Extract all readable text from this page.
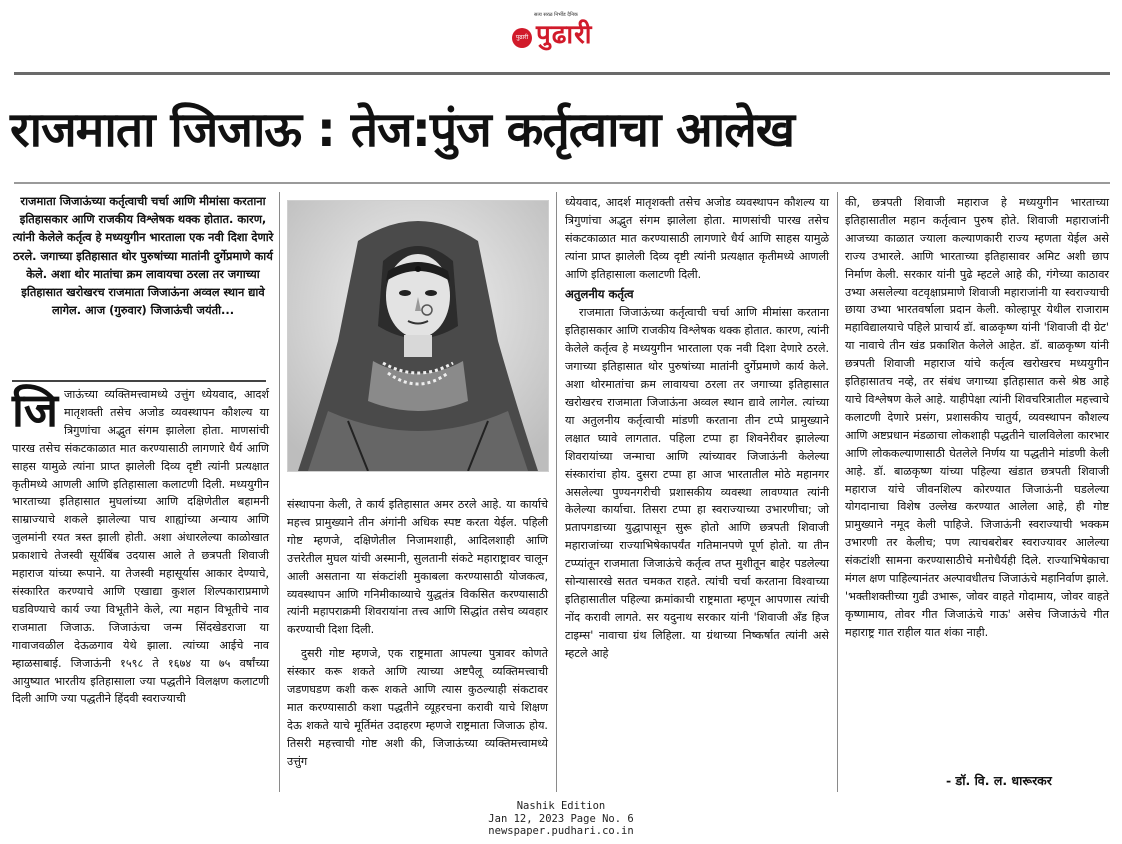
पुढारी
सत्य सरळ निर्भीड दैनिक
पुढारी
राजमाता जिजाऊ : तेज:पुंज कर्तृत्वाचा आलेख
राजमाता जिजाऊंच्या कर्तृत्वाची चर्चा आणि मीमांसा करताना इतिहासकार आणि राजकीय विश्लेषक थक्क होतात. कारण, त्यांनी केलेले कर्तृत्व हे मध्ययुगीन भारताला एक नवी दिशा देणारे ठरले. जगाच्या इतिहासात थोर पुरुषांच्या मातांनी दुर्गेप्रमाणे कार्य केले. अशा थोर मातांचा क्रम लावायचा ठरला तर जगाच्या इतिहासात खरोखरच राजमाता जिजाऊंना अव्वल स्थान द्यावे लागेल. आज (गुरुवार) जिजाऊंची जयंती...

जि जाऊंच्या व्यक्तिमत्त्वामध्ये उत्तुंग ध्येयवाद, आदर्श मातृशक्ती तसेच अजोड व्यवस्थापन कौशल्य या त्रिगुणांचा अद्भुत संगम झालेला होता. माणसांची पारख तसेच संकटकाळात मात करण्यासाठी लागणारे धैर्य आणि साहस यामुळे त्यांना प्राप्त झालेली दिव्य दृष्टी त्यांनी प्रत्यक्षात कृतीमध्ये आणली आणि इतिहासाला कलाटणी दिली. मध्ययुगीन भारताच्या इतिहासात मुघलांच्या आणि दक्षिणेतील बहामनी साम्राज्याचे शकले झालेल्या पाच शाह्यांच्या अन्याय आणि जुलमांनी रयत त्रस्त झाली होती. अशा अंधारलेल्या काळोखात प्रकाशाचे तेजस्वी सूर्यबिंब उदयास आले ते छत्रपती शिवाजी महाराज यांच्या रूपाने. या तेजस्वी महासूर्यास आकार देण्याचे, संस्कारित करण्याचे आणि एखाद्या कुशल शिल्पकाराप्रमाणे घडविण्याचे कार्य ज्या विभूतीने केले, त्या महान विभूतीचे नाव राजमाता जिजाऊ. जिजाऊंचा जन्म सिंदखेडराजा या गावाजवळील देऊळगाव येथे झाला. त्यांच्या आईचे नाव म्हाळसाबाई. जिजाऊंनी १५९८ ते १६७४ या ७५ वर्षांच्या आयुष्यात भारतीय इतिहासाला ज्या पद्धतीने विलक्षण कलाटणी दिली आणि ज्या पद्धतीने हिंदवी स्वराज्याची

संस्थापना केली, ते कार्य इतिहासात अमर ठरले आहे. या कार्याचे महत्त्व प्रामुख्याने तीन अंगांनी अधिक स्पष्ट करता येईल. पहिली गोष्ट म्हणजे, दक्षिणेतील निजामशाही, आदिलशाही आणि उत्तरेतील मुघल यांची अस्मानी, सुलतानी संकटे महाराष्ट्रावर चालून आली असताना या संकटांशी मुकाबला करण्यासाठी योजकत्व, व्यवस्थापन आणि गनिमीकाव्याचे युद्धतंत्र विकसित करण्यासाठी त्यांनी महापराक्रमी शिवरायांना तत्त्व आणि सिद्धांत तसेच व्यवहार करण्याची दिशा दिली.

दुसरी गोष्ट म्हणजे, एक राष्ट्रमाता आपल्या पुत्रावर कोणते संस्कार करू शकते आणि त्याच्या अष्टपैलू व्यक्तिमत्त्वाची जडणघडण कशी करू शकते आणि त्यास कुठल्याही संकटावर मात करण्यासाठी कशा पद्धतीने व्यूहरचना करावी याचे शिक्षण देऊ शकते याचे मूर्तिमंत उदाहरण म्हणजे राष्ट्रमाता जिजाऊ होय. तिसरी महत्त्वाची गोष्ट अशी की, जिजाऊंच्या व्यक्तिमत्त्वामध्ये उत्तुंग

ध्येयवाद, आदर्श मातृशक्ती तसेच अजोड व्यवस्थापन कौशल्य या त्रिगुणांचा अद्भुत संगम झालेला होता. माणसांची पारख तसेच संकटकाळात मात करण्यासाठी लागणारे धैर्य आणि साहस यामुळे त्यांना प्राप्त झालेली दिव्य दृष्टी त्यांनी प्रत्यक्षात कृतीमध्ये आणली आणि इतिहासाला कलाटणी दिली.

अतुलनीय कर्तृत्व

राजमाता जिजाऊंच्या कर्तृत्वाची चर्चा आणि मीमांसा करताना इतिहासकार आणि राजकीय विश्लेषक थक्क होतात. कारण, त्यांनी केलेले कर्तृत्व हे मध्ययुगीन भारताला एक नवी दिशा देणारे ठरले. जगाच्या इतिहासात थोर पुरुषांच्या मातांनी दुर्गेप्रमाणे कार्य केले. अशा थोरमातांचा क्रम लावायचा ठरला तर जगाच्या इतिहासात खरोखरच राजमाता जिजाऊंना अव्वल स्थान द्यावे लागेल. त्यांच्या या अतुलनीय कर्तृत्वाची मांडणी करताना तीन टप्पे प्रामुख्याने लक्षात घ्यावे लागतात. पहिला टप्पा हा शिवनेरीवर झालेल्या शिवरायांच्या जन्माचा आणि त्यांच्यावर जिजाऊंनी केलेल्या संस्कारांचा होय. दुसरा टप्पा हा आज भारतातील मोठे महानगर असलेल्या पुण्यनगरीची प्रशासकीय व्यवस्था लावण्यात त्यांनी केलेल्या कार्याचा. तिसरा टप्पा हा स्वराज्याच्या उभारणीचा; जो प्रतापगडाच्या युद्धापासून सुरू होतो आणि छत्रपती शिवाजी महाराजांच्या राज्याभिषेकापर्यंत गतिमानपणे पूर्ण होतो. या तीन टप्प्यांतून राजमाता जिजाऊंचे कर्तृत्व तप्त मुशीतून बाहेर पडलेल्या सोन्यासारखे सतत चमकत राहते. त्यांची चर्चा करताना विश्वाच्या इतिहासातील पहिल्या क्रमांकाची राष्ट्रमाता म्हणून आपणास त्यांची नोंद करावी लागते. सर यदुनाथ सरकार यांनी 'शिवाजी अँड हिज टाइम्स' नावाचा ग्रंथ लिहिला. या ग्रंथाच्या निष्कर्षात त्यांनी असे म्हटले आहे

की, छत्रपती शिवाजी महाराज हे मध्ययुगीन भारताच्या इतिहासातील महान कर्तृत्वान पुरुष होते. शिवाजी महाराजांनी आजच्या काळात ज्याला कल्याणकारी राज्य म्हणता येईल असे राज्य उभारले. आणि भारताच्या इतिहासावर अमिट अशी छाप निर्माण केली. सरकार यांनी पुढे म्हटले आहे की, गंगेच्या काठावर उभ्या असलेल्या वटवृक्षाप्रमाणे शिवाजी महाराजांनी या स्वराज्याची छाया उभ्या भारतवर्षाला प्रदान केली. कोल्हापूर येथील राजाराम महाविद्यालयाचे पहिले प्राचार्य डॉ. बाळकृष्ण यांनी 'शिवाजी दी ग्रेट' या नावाचे तीन खंड प्रकाशित केलेले आहेत. डॉ. बाळकृष्ण यांनी छत्रपती शिवाजी महाराज यांचे कर्तृत्व खरोखरच मध्ययुगीन इतिहासातच नव्हे, तर संबंध जगाच्या इतिहासात कसे श्रेष्ठ आहे याचे विश्लेषण केले आहे. याहीपेक्षा त्यांनी शिवचरित्रातील महत्त्वाचे कलाटणी देणारे प्रसंग, प्रशासकीय चातुर्य, व्यवस्थापन कौशल्य आणि अष्टप्रधान मंडळाचा लोकशाही पद्धतीने चालविलेला कारभार आणि लोककल्याणासाठी घेतलेले निर्णय या पद्धतीने मांडणी केली आहे. डॉ. बाळकृष्ण यांच्या पहिल्या खंडात छत्रपती शिवाजी महाराज यांचे जीवनशिल्प कोरण्यात जिजाऊंनी घडलेल्या योगदानाचा विशेष उल्लेख करण्यात आलेला आहे, ही गोष्ट प्रामुख्याने नमूद केली पाहिजे. जिजाऊंनी स्वराज्याची भक्कम उभारणी तर केलीच; पण त्याचबरोबर स्वराज्यावर आलेल्या संकटांशी सामना करण्यासाठीचे मनोधैर्यही दिले. राज्याभिषेकाचा मंगल क्षण पाहिल्यानंतर अल्पावधीतच जिजाऊंचे महानिर्वाण झाले. 'भक्तीशक्तीच्या गुढी उभारू, जोवर वाहते गोदामाय, जोवर वाहते कृष्णामाय, तोवर गीत जिजाऊंचे गाऊ' असेच जिजाऊंचे गीत महाराष्ट्र गात राहील यात शंका नाही.

- डॉ. वि. ल. धारूरकर
Nashik Edition
Jan 12, 2023 Page No. 6
newspaper.pudhari.co.in
